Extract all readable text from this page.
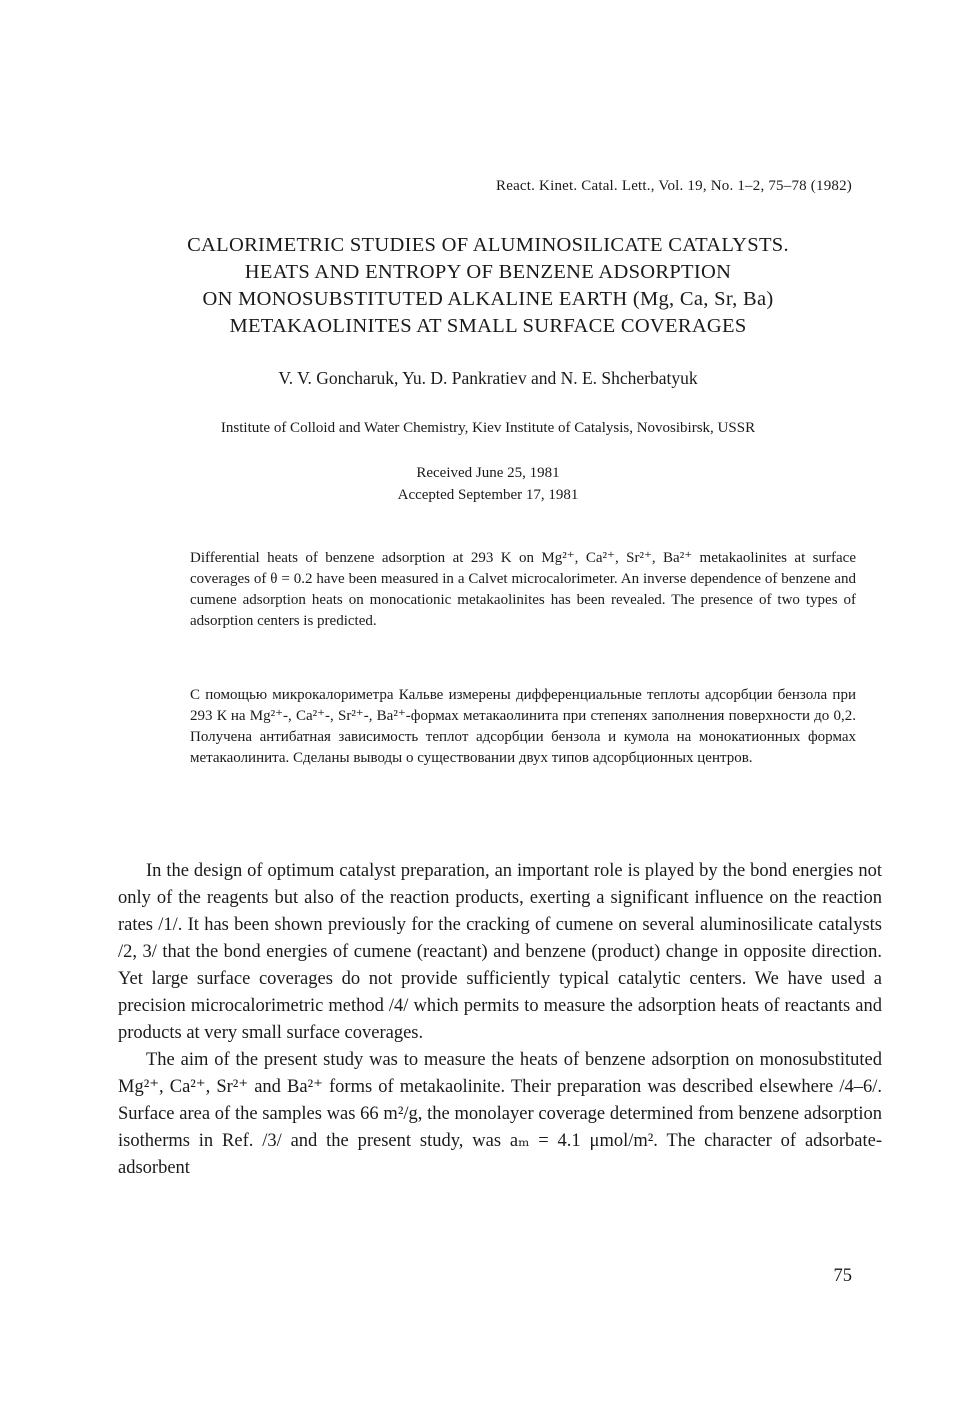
React. Kinet. Catal. Lett., Vol. 19, No. 1–2, 75–78 (1982)
CALORIMETRIC STUDIES OF ALUMINOSILICATE CATALYSTS.
HEATS AND ENTROPY OF BENZENE ADSORPTION
ON MONOSUBSTITUTED ALKALINE EARTH (Mg, Ca, Sr, Ba)
METAKAOLINITES AT SMALL SURFACE COVERAGES
V. V. Goncharuk, Yu. D. Pankratiev and N. E. Shcherbatyuk
Institute of Colloid and Water Chemistry, Kiev Institute of Catalysis, Novosibirsk, USSR
Received June 25, 1981
Accepted September 17, 1981
Differential heats of benzene adsorption at 293 K on Mg²⁺, Ca²⁺, Sr²⁺, Ba²⁺ metakaolinites at surface coverages of θ = 0.2 have been measured in a Calvet microcalorimeter. An inverse dependence of benzene and cumene adsorption heats on monocationic metakaolinites has been revealed. The presence of two types of adsorption centers is predicted.
С помощью микрокалориметра Кальве измерены дифференциальные теплоты адсорбции бензола при 293 К на Mg²⁺-, Ca²⁺-, Sr²⁺-, Ba²⁺-формах метакаолинита при степенях заполнения поверхности до 0,2. Получена антибатная зависимость теплот адсорбции бензола и кумола на монокатионных формах метакаолинита. Сделаны выводы о существовании двух типов адсорбционных центров.

In the design of optimum catalyst preparation, an important role is played by the bond energies not only of the reagents but also of the reaction products, exerting a significant influence on the reaction rates /1/. It has been shown previously for the cracking of cumene on several aluminosilicate catalysts /2, 3/ that the bond energies of cumene (reactant) and benzene (product) change in opposite direction. Yet large surface coverages do not provide sufficiently typical catalytic centers. We have used a precision microcalorimetric method /4/ which permits to measure the adsorption heats of reactants and products at very small surface coverages.

The aim of the present study was to measure the heats of benzene adsorption on monosubstituted Mg²⁺, Ca²⁺, Sr²⁺ and Ba²⁺ forms of metakaolinite. Their preparation was described elsewhere /4–6/. Surface area of the samples was 66 m²/g, the monolayer coverage determined from benzene adsorption isotherms in Ref. /3/ and the present study, was aₘ = 4.1 μmol/m². The character of adsorbate-adsorbent

75
